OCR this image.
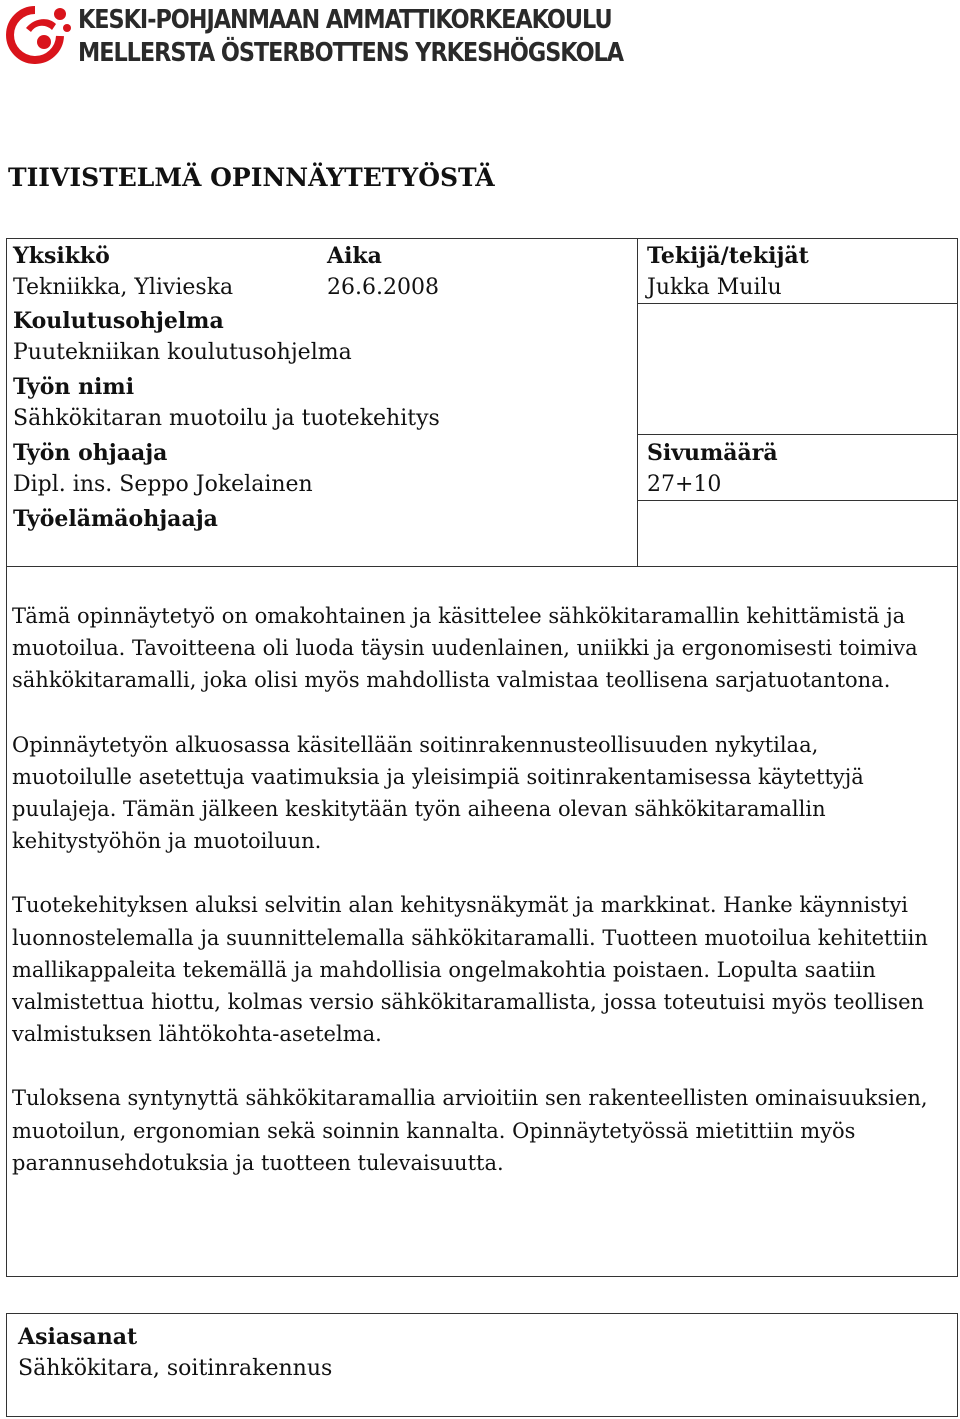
KESKI-POHJANMAAN AMMATTIKORKEAKOULU
MELLERSTA ÖSTERBOTTENS YRKESHÖGSKOLA
TIIVISTELMÄ OPINNÄYTETYÖSTÄ
Yksikkö
Tekniikka, Ylivieska
Aika
26.6.2008
Tekijä/tekijät
Jukka Muilu
Koulutusohjelma
Puutekniikan koulutusohjelma
Työn nimi
Sähkökitaran muotoilu ja tuotekehitys
Työn ohjaaja
Dipl. ins. Seppo Jokelainen
Sivumäärä
27+10
Työelämäohjaaja

Tämä opinnäytetyö on omakohtainen ja käsittelee sähkökitaramallin kehittämistä ja muotoilua. Tavoitteena oli luoda täysin uudenlainen, uniikki ja ergonomisesti toimiva sähkökitaramalli, joka olisi myös mahdollista valmistaa teollisena sarjatuotantona.

Opinnäytetyön alkuosassa käsitellään soitinrakennusteollisuuden nykytilaa, muotoilulle asetettuja vaatimuksia ja yleisimpiä soitinrakentamisessa käytettyjä puulajeja. Tämän jälkeen keskitytään työn aiheena olevan sähkökitaramallin kehitystyöhön ja muotoiluun.

Tuotekehityksen aluksi selvitin alan kehitysnäkymät ja markkinat. Hanke käynnistyi luonnostelemalla ja suunnittelemalla sähkökitaramalli. Tuotteen muotoilua kehitettiin mallikappaleita tekemällä ja mahdollisia ongelmakohtia poistaen. Lopulta saatiin valmistettua hiottu, kolmas versio sähkökitaramallista, jossa toteutuisi myös teollisen valmistuksen lähtökohta-asetelma.

Tuloksena syntynyttä sähkökitaramallia arvioitiin sen rakenteellisten ominaisuuksien, muotoilun, ergonomian sekä soinnin kannalta. Opinnäytetyössä mietittiin myös parannusehdotuksia ja tuotteen tulevaisuutta.

Asiasanat
Sähkökitara, soitinrakennus
